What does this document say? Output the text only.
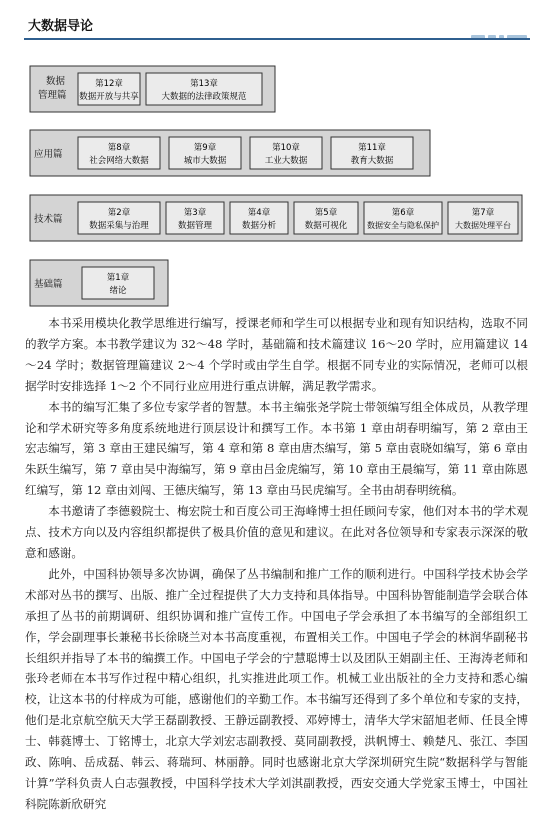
大数据导论
数据
管理篇
第12章
数据开放与共享
第13章
大数据的法律政策规范
应用篇
第8章
社会网络大数据
第9章
城市大数据
第10章
工业大数据
第11章
教育大数据
技术篇
第2章
数据采集与治理
第3章
数据管理
第4章
数据分析
第5章
数据可视化
第6章
数据安全与隐私保护
第7章
大数据处理平台
基础篇
第1章
绪论

本书采用模块化教学思维进行编写，授课老师和学生可以根据专业和现有知识结构，选取不同的教学方案。本书教学建议为 32～48 学时，基础篇和技术篇建议 16～20 学时，应用篇建议 14～24 学时；数据管理篇建议 2～4 个学时或由学生自学。根据不同专业的实际情况，老师可以根据学时安排选择 1～2 个不同行业应用进行重点讲解，满足教学需求。

本书的编写汇集了多位专家学者的智慧。本书主编张尧学院士带领编写组全体成员，从教学理论和学术研究等多角度系统地进行顶层设计和撰写工作。本书第 1 章由胡春明编写，第 2 章由王宏志编写，第 3 章由王建民编写，第 4 章和第 8 章由唐杰编写，第 5 章由袁晓如编写，第 6 章由朱跃生编写，第 7 章由吴中海编写，第 9 章由吕金虎编写，第 10 章由王晨编写，第 11 章由陈恩红编写，第 12 章由刘闯、王德庆编写，第 13 章由马民虎编写。全书由胡春明统稿。

本书邀请了李德毅院士、梅宏院士和百度公司王海峰博士担任顾问专家，他们对本书的学术观点、技术方向以及内容组织都提供了极具价值的意见和建议。在此对各位领导和专家表示深深的敬意和感谢。

此外，中国科协领导多次协调，确保了丛书编制和推广工作的顺利进行。中国科学技术协会学术部对丛书的撰写、出版、推广全过程提供了大力支持和具体指导。中国科协智能制造学会联合体承担了丛书的前期调研、组织协调和推广宣传工作。中国电子学会承担了本书编写的全部组织工作，学会副理事长兼秘书长徐晓兰对本书高度重视，布置相关工作。中国电子学会的林润华副秘书长组织并指导了本书的编撰工作。中国电子学会的宁慧聪博士以及团队王娟副主任、王海涛老师和张玲老师在本书写作过程中精心组织，扎实推进此项工作。机械工业出版社的全力支持和悉心编校，让这本书的付梓成为可能，感谢他们的辛勤工作。本书编写还得到了多个单位和专家的支持，他们是北京航空航天大学王磊副教授、王静远副教授、邓婷博士，清华大学宋韶旭老师、任艮全博士、韩蕤博士、丁铭博士，北京大学刘宏志副教授、莫同副教授，洪帆博士、赖楚凡、张江、李国政、陈响、岳成磊、韩云、蒋瑞珂、林丽静。同时也感谢北京大学深圳研究生院“数据科学与智能计算”学科负责人白志强教授，中国科学技术大学刘淇副教授，西安交通大学党家玉博士，中国社科院陈新欣研究
